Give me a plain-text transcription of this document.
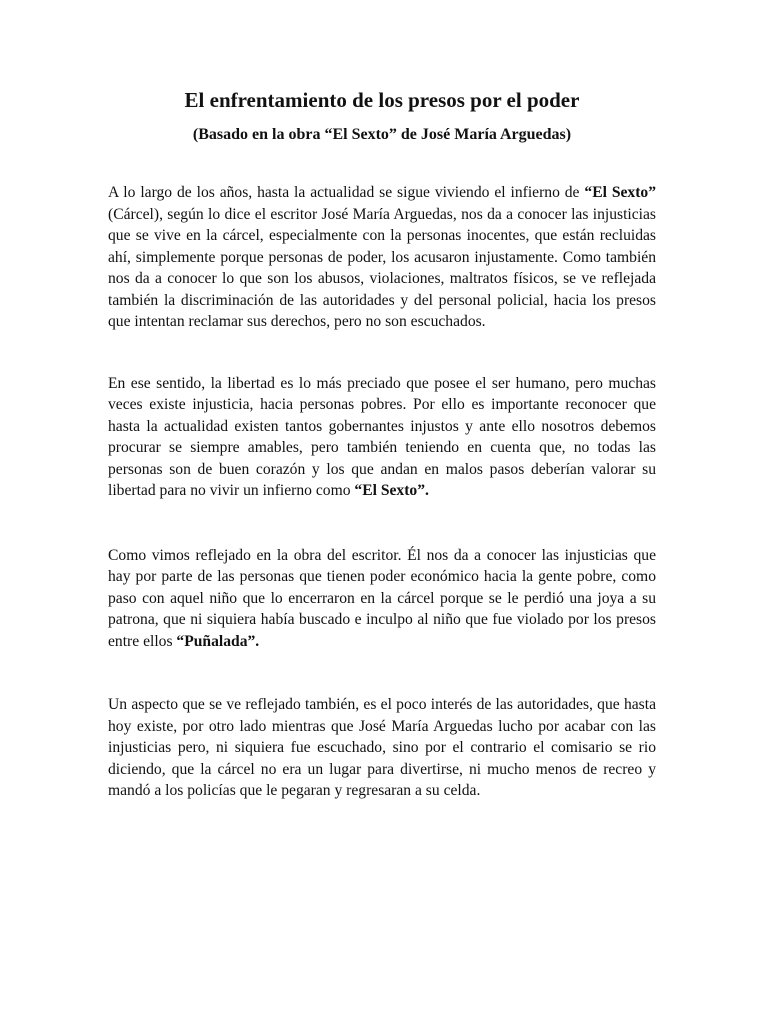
El enfrentamiento de los presos por el poder

(Basado en la obra “El Sexto” de José María Arguedas)

A lo largo de los años, hasta la actualidad se sigue viviendo el infierno de “El Sexto” (Cárcel), según lo dice el escritor José María Arguedas, nos da a conocer las injusticias que se vive en la cárcel, especialmente con la personas inocentes, que están recluidas ahí, simplemente porque personas de poder, los acusaron injustamente. Como también nos da a conocer lo que son los abusos, violaciones, maltratos físicos, se ve reflejada también la discriminación de las autoridades y del personal policial, hacia los presos que intentan reclamar sus derechos, pero no son escuchados.

En ese sentido, la libertad es lo más preciado que posee el ser humano, pero muchas veces existe injusticia, hacia personas pobres. Por ello es importante reconocer que hasta la actualidad existen tantos gobernantes injustos y ante ello nosotros debemos procurar se siempre amables, pero también teniendo en cuenta que, no todas las personas son de buen corazón y los que andan en malos pasos deberían valorar su libertad para no vivir un infierno como “El Sexto”.

Como vimos reflejado en la obra del escritor. Él nos da a conocer las injusticias que hay por parte de las personas que tienen poder económico hacia la gente pobre, como paso con aquel niño que lo encerraron en la cárcel porque se le perdió una joya a su patrona, que ni siquiera había buscado e inculpo al niño que fue violado por los presos entre ellos “Puñalada”.

Un aspecto que se ve reflejado también, es el poco interés de las autoridades, que hasta hoy existe, por otro lado mientras que José María Arguedas lucho por acabar con las injusticias pero, ni siquiera fue escuchado, sino por el contrario el comisario se rio diciendo, que la cárcel no era un lugar para divertirse, ni mucho menos de recreo y mandó a los policías que le pegaran y regresaran a su celda.
